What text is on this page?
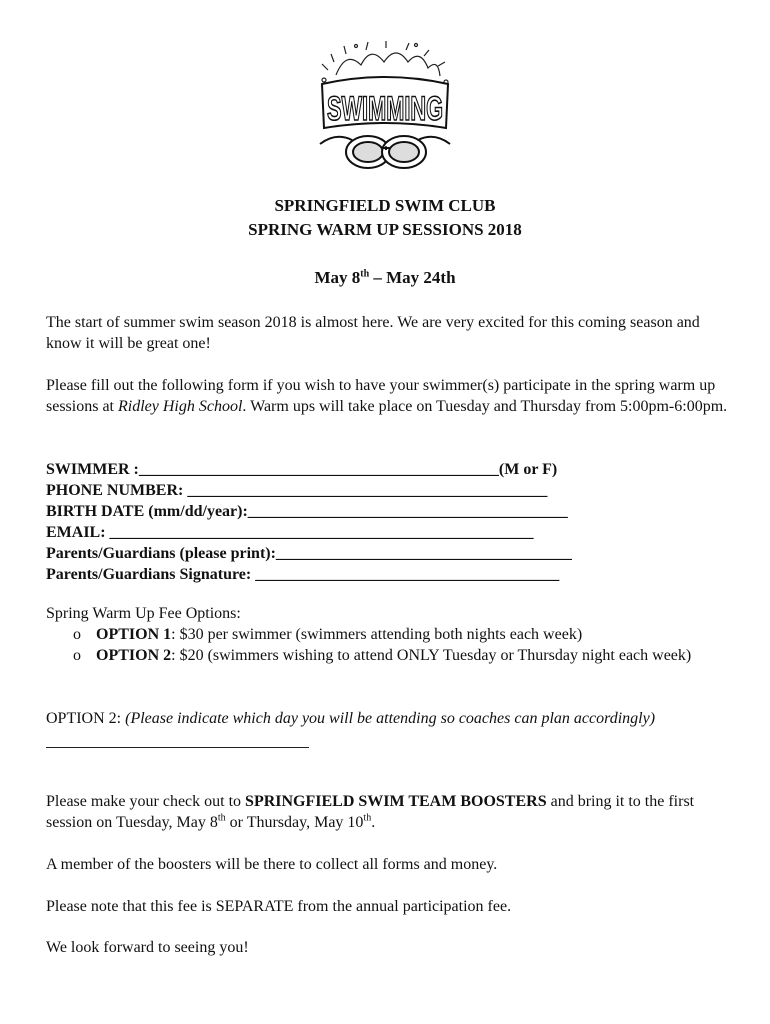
SWIMMING
SPRINGFIELD SWIM CLUB
SPRING WARM UP SESSIONS 2018
May 8th – May 24th
The start of summer swim season 2018 is almost here. We are very excited for this coming season and know it will be great one!
Please fill out the following form if you wish to have your swimmer(s) participate in the spring warm up sessions at Ridley High School. Warm ups will take place on Tuesday and Thursday from 5:00pm-6:00pm.
SWIMMER :_____________________________________________(M or F)
PHONE NUMBER: _____________________________________________
BIRTH DATE (mm/dd/year):________________________________________
EMAIL: _____________________________________________________
Parents/Guardians (please print):_____________________________________
Parents/Guardians Signature: ______________________________________
Spring Warm Up Fee Options:
o OPTION 1: $30 per swimmer (swimmers attending both nights each week)
o OPTION 2: $20 (swimmers wishing to attend ONLY Tuesday or Thursday night each week)
OPTION 2: (Please indicate which day you will be attending so coaches can plan accordingly)
Please make your check out to SPRINGFIELD SWIM TEAM BOOSTERS and bring it to the first session on Tuesday, May 8th or Thursday, May 10th.
A member of the boosters will be there to collect all forms and money.
Please note that this fee is SEPARATE from the annual participation fee.
We look forward to seeing you!
